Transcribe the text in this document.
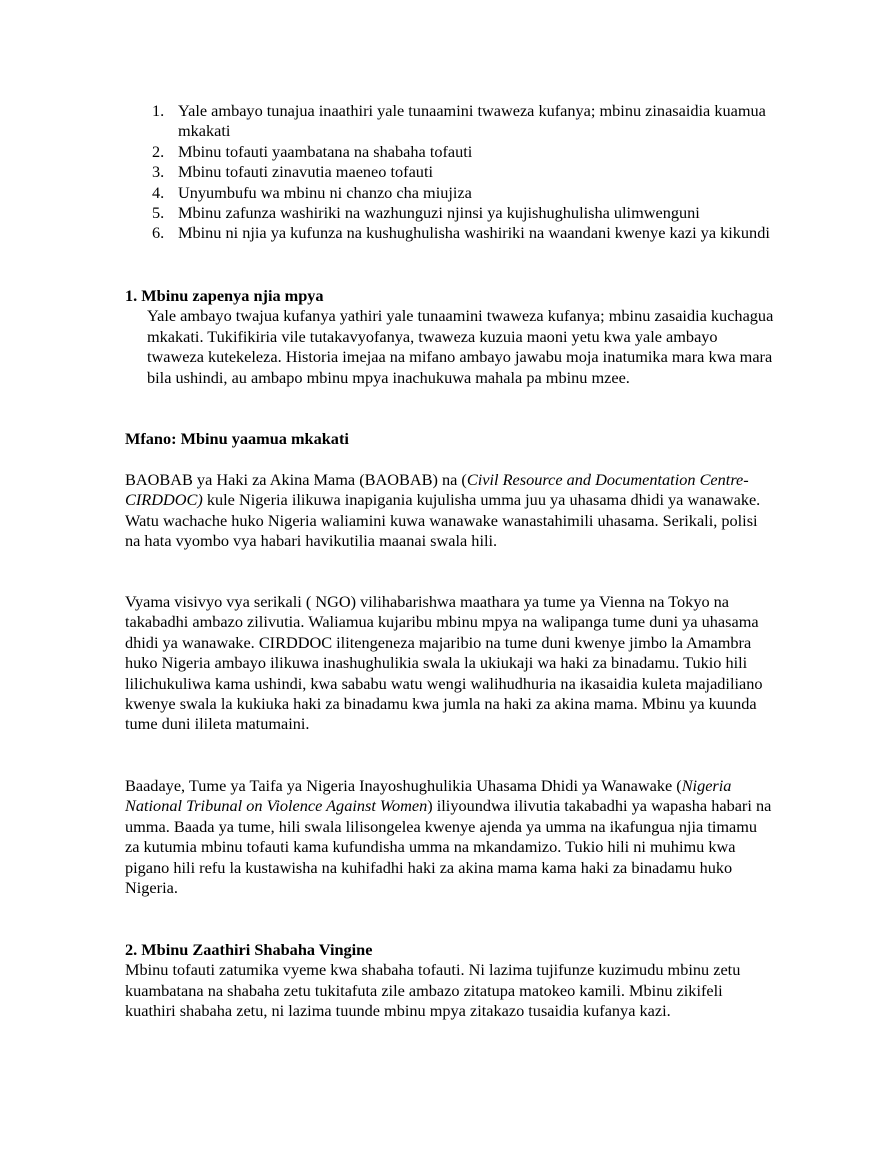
1. Yale ambayo tunajua inaathiri yale tunaamini twaweza kufanya; mbinu zinasaidia kuamua mkakati
2. Mbinu tofauti yaambatana na shabaha tofauti
3. Mbinu tofauti zinavutia maeneo tofauti
4. Unyumbufu wa mbinu ni chanzo cha miujiza
5. Mbinu zafunza washiriki na wazhunguzi njinsi ya kujishughulisha ulimwenguni
6. Mbinu ni njia ya kufunza na kushughulisha washiriki na waandani kwenye kazi ya kikundi

1. Mbinu zapenya njia mpya

Yale ambayo twajua kufanya yathiri yale tunaamini twaweza kufanya; mbinu zasaidia kuchagua mkakati. Tukifikiria vile tutakavyofanya, twaweza kuzuia maoni yetu kwa yale ambayo twaweza kutekeleza. Historia imejaa na mifano ambayo jawabu moja inatumika mara kwa mara bila ushindi, au ambapo mbinu mpya inachukuwa mahala pa mbinu mzee.

Mfano: Mbinu yaamua mkakati

BAOBAB ya Haki za Akina Mama (BAOBAB) na (Civil Resource and Documentation Centre-CIRDDOC) kule Nigeria ilikuwa inapigania kujulisha umma juu ya uhasama dhidi ya wanawake. Watu wachache huko Nigeria waliamini kuwa wanawake wanastahimili uhasama. Serikali, polisi na hata vyombo vya habari havikutilia maanai swala hili.

Vyama visivyo vya serikali ( NGO) vilihabarishwa maathara ya tume ya Vienna na Tokyo na takabadhi ambazo zilivutia. Waliamua kujaribu mbinu mpya na walipanga tume duni ya uhasama dhidi ya wanawake. CIRDDOC ilitengeneza majaribio na tume duni kwenye jimbo la Amambra huko Nigeria ambayo ilikuwa inashughulikia swala la ukiukaji wa haki za binadamu. Tukio hili lilichukuliwa kama ushindi, kwa sababu watu wengi walihudhuria na ikasaidia kuleta majadiliano kwenye swala la kukiuka haki za binadamu kwa jumla na haki za akina mama. Mbinu ya kuunda tume duni ilileta matumaini.

Baadaye, Tume ya Taifa ya Nigeria Inayoshughulikia Uhasama Dhidi ya Wanawake (Nigeria National Tribunal on Violence Against Women) iliyoundwa ilivutia takabadhi ya wapasha habari na umma. Baada ya tume, hili swala lilisongelea kwenye ajenda ya umma na ikafungua njia timamu za kutumia mbinu tofauti kama kufundisha umma na mkandamizo. Tukio hili ni muhimu kwa pigano hili refu la kustawisha na kuhifadhi haki za akina mama kama haki za binadamu huko Nigeria.

2. Mbinu Zaathiri Shabaha Vingine

Mbinu tofauti zatumika vyeme kwa shabaha tofauti. Ni lazima tujifunze kuzimudu mbinu zetu kuambatana na shabaha zetu tukitafuta zile ambazo zitatupa matokeo kamili. Mbinu zikifeli kuathiri shabaha zetu, ni lazima tuunde mbinu mpya zitakazo tusaidia kufanya kazi.
